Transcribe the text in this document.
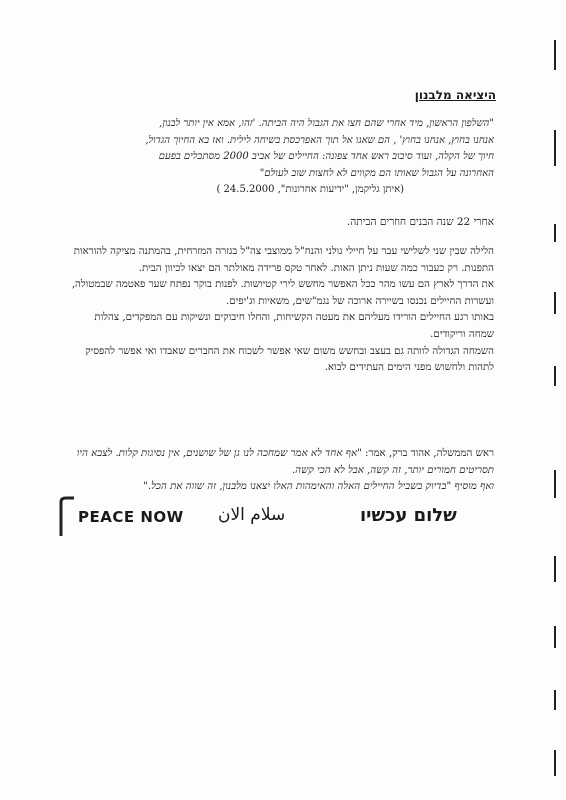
היציאה מלבנון
"השלפון הראשון, מיד אחרי שהם חצו את הגבול היה הביתה. 'זהו, אמא אין יותר לבנון,
אנחנו בחוץ, אנחנו בחוץ' , הם שאגו אל תוך האפרכסת בשיחה לילית. ואז בא החיוך הגדול,
חיוך של הקלה, ועוד סיבוב ראש אחד צפונה: החיילים של אביב 2000 מסתכלים בפעם
האחרונה על הגבול שאותו הם מקווים לא לחצות שוב לעולם"
(איתן גליקמן, "ידיעות אחרונות", 24.5.2000 )
אחרי 22 שנה הבנים חוזרים הביתה.

הלילה שבין שני לשלישי עבר על חיילי גולני והנח"ל ממוצבי צה"ל בגזרה המזרחית, בהמתנה מציקה להוראות התפנות. רק כעבור כמה שעות ניתן האות. לאחר טקס פרידה מאולתר הם יצאו לכיוון הבית.

את הדרך לארץ הם עשו מהר ככל האפשר מחשש לירי קטיושות. לפנות בוקר נפתח שער פאטמה שבמטולה, ועשרות החיילים נכנסו בשיירה ארוכה של נגמ"שים, משאיות וג'יפים.

באותו רגע החיילים הורידו מעליהם את מעטה הקשיחות, והחלו חיבוקים ונשיקות עם המפקדים, צהלות שמחה וריקודים.

השמחה הגדולה לוותה גם בעצב ובחשש משום שאי אפשר לשכוח את החברים שאבדו ואי אפשר להפסיק לתהות ולחשוש מפני הימים העתידים לבוא.

ראש הממשלה, אהוד ברק, אמר: "אף אחד לא אמר שמחכה לנו גן של שושנים, אין נסיגות קלות. לצבא היו תסריטים חמורים יותר, זה קשה, אבל לא הכי קשה.

ואף מוסיף "בדיוק בשביל החיילים האלה והאימהות האלו יצאנו מלבנון, זה שווה את הכל."

PEACE NOW سلام الان	שלום עכשיו
